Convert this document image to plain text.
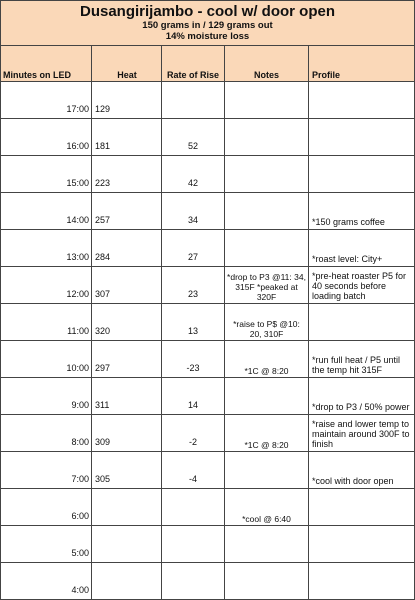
Dusangirijambo - cool w/ door open
150 grams in / 129 grams out
14% moisture loss
Minutes on LED	Heat	Rate of Rise	Notes	Profile

17:00	129			

16:00	181	52		

15:00	223	42		

14:00	257	34		*150 grams coffee

13:00	284	27		*roast level: City+

12:00	307	23	*drop to P3 @11: 34, 315F *peaked at 320F	*pre-heat roaster P5 for 40 seconds before loading batch

11:00	320	13	*raise to P$ @10: 20, 310F	

10:00	297	-23	*1C @ 8:20	*run full heat / P5 until the temp hit 315F

9:00	311	14		*drop to P3 / 50% power

8:00	309	-2	*1C @ 8:20	*raise and lower temp to maintain around 300F to finish

7:00	305	-4		*cool with door open

6:00			*cool @ 6:40	

5:00				

4:00				
